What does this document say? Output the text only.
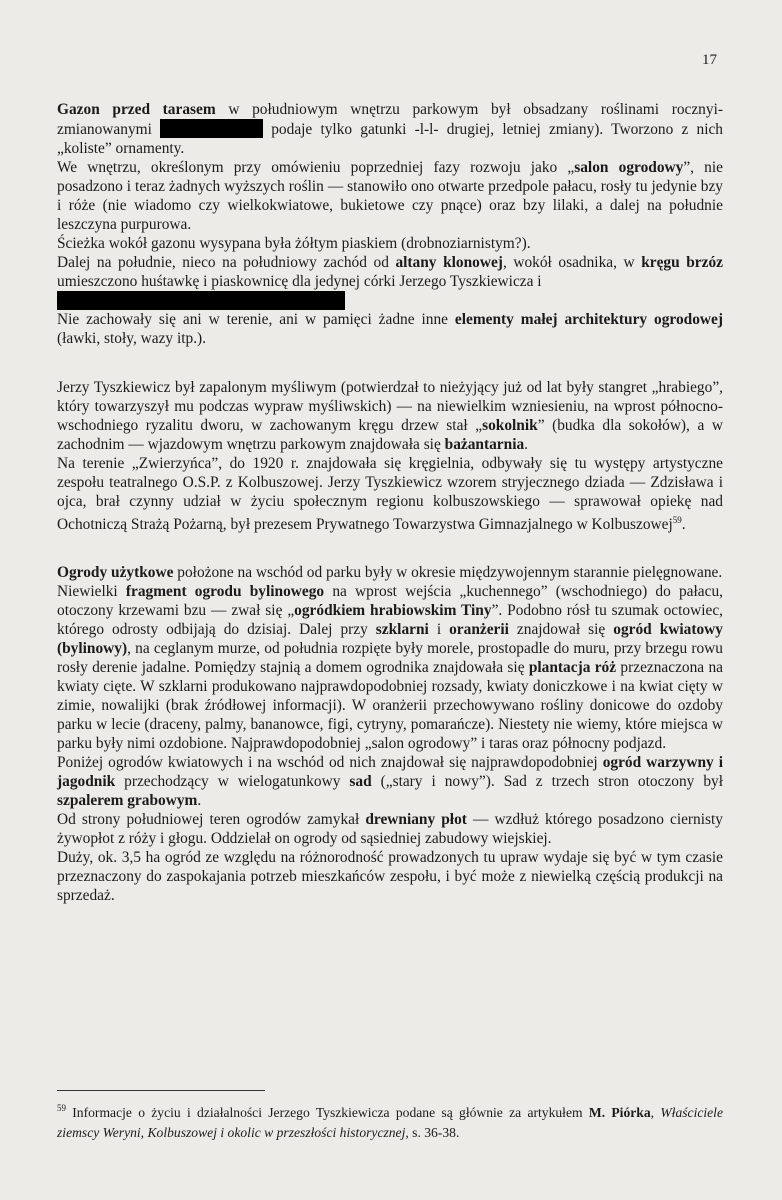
17

Gazon przed tarasem w południowym wnętrzu parkowym był obsadzany roślinami rocznyi-zmianowanymi	podaje tylko gatunki -l-l- drugiej, letniej zmiany). Tworzono z nich „koliste” ornamenty.

We wnętrzu, określonym przy omówieniu poprzedniej fazy rozwoju jako „salon ogrodowy”, nie posadzono i teraz żadnych wyższych roślin — stanowiło ono otwarte przedpole pałacu, rosły tu jedynie bzy i róże (nie wiadomo czy wielkokwiatowe, bukietowe czy pnące) oraz bzy lilaki, a dalej na południe leszczyna purpurowa.

Ścieżka wokół gazonu wysypana była żółtym piaskiem (drobnoziarnistym?).

Dalej na południe, nieco na południowy zachód od altany klonowej, wokół osadnika, w kręgu brzóz umieszczono huśtawkę i piaskownicę dla jedynej córki Jerzego Tyszkiewicza i

Nie zachowały się ani w terenie, ani w pamięci żadne inne elementy małej architektury ogrodowej (ławki, stoły, wazy itp.).

Jerzy Tyszkiewicz był zapalonym myśliwym (potwierdzał to nieżyjący już od lat były stangret „hrabiego”, który towarzyszył mu podczas wypraw myśliwskich) — na niewielkim wzniesieniu, na wprost północno-wschodniego ryzalitu dworu, w zachowanym kręgu drzew stał „sokolnik” (budka dla sokołów), a w zachodnim — wjazdowym wnętrzu parkowym znajdowała się bażantarnia.

Na terenie „Zwierzyńca”, do 1920 r. znajdowała się kręgielnia, odbywały się tu występy artystyczne zespołu teatralnego O.S.P. z Kolbuszowej. Jerzy Tyszkiewicz wzorem stryjecznego dziada — Zdzisława i ojca, brał czynny udział w życiu społecznym regionu kolbuszowskiego — sprawował opiekę nad Ochotniczą Strażą Pożarną, był prezesem Prywatnego Towarzystwa Gimnazjalnego w Kolbuszowej$^{59}$.

Ogrody użytkowe położone na wschód od parku były w okresie międzywojennym starannie pielęgnowane.

Niewielki fragment ogrodu bylinowego na wprost wejścia „kuchennego” (wschodniego) do pałacu, otoczony krzewami bzu — zwał się „ogródkiem hrabiowskim Tiny”. Podobno rósł tu szumak octowiec, którego odrosty odbijają do dzisiaj. Dalej przy szklarni i oranżerii znajdował się ogród kwiatowy (bylinowy), na ceglanym murze, od południa rozpięte były morele, prostopadle do muru, przy brzegu rowu rosły derenie jadalne. Pomiędzy stajnią a domem ogrodnika znajdowała się plantacja róż przeznaczona na kwiaty cięte. W szklarni produkowano najprawdopodobniej rozsady, kwiaty doniczkowe i na kwiat cięty w zimie, nowalijki (brak źródłowej informacji). W oranżerii przechowywano rośliny donicowe do ozdoby parku w lecie (draceny, palmy, bananowce, figi, cytryny, pomarańcze). Niestety nie wiemy, które miejsca w parku były nimi ozdobione. Najprawdopodobniej „salon ogrodowy” i taras oraz północny podjazd.

Poniżej ogrodów kwiatowych i na wschód od nich znajdował się najprawdopodobniej ogród warzywny i jagodnik przechodzący w wielogatunkowy sad („stary i nowy”). Sad z trzech stron otoczony był szpalerem grabowym.

Od strony południowej teren ogrodów zamykał drewniany płot — wzdłuż którego posadzono ciernisty żywopłot z róży i głogu. Oddzielał on ogrody od sąsiedniej zabudowy wiejskiej.

Duży, ok. 3,5 ha ogród ze względu na różnorodność prowadzonych tu upraw wydaje się być w tym czasie przeznaczony do zaspokajania potrzeb mieszkańców zespołu, i być może z niewielką częścią produkcji na sprzedaż.

$^{59}$ Informacje o życiu i działalności Jerzego Tyszkiewicza podane są głównie za artykułem M. Piórka, Właściciele ziemscy Weryni, Kolbuszowej i okolic w przeszłości historycznej, s. 36-38.
